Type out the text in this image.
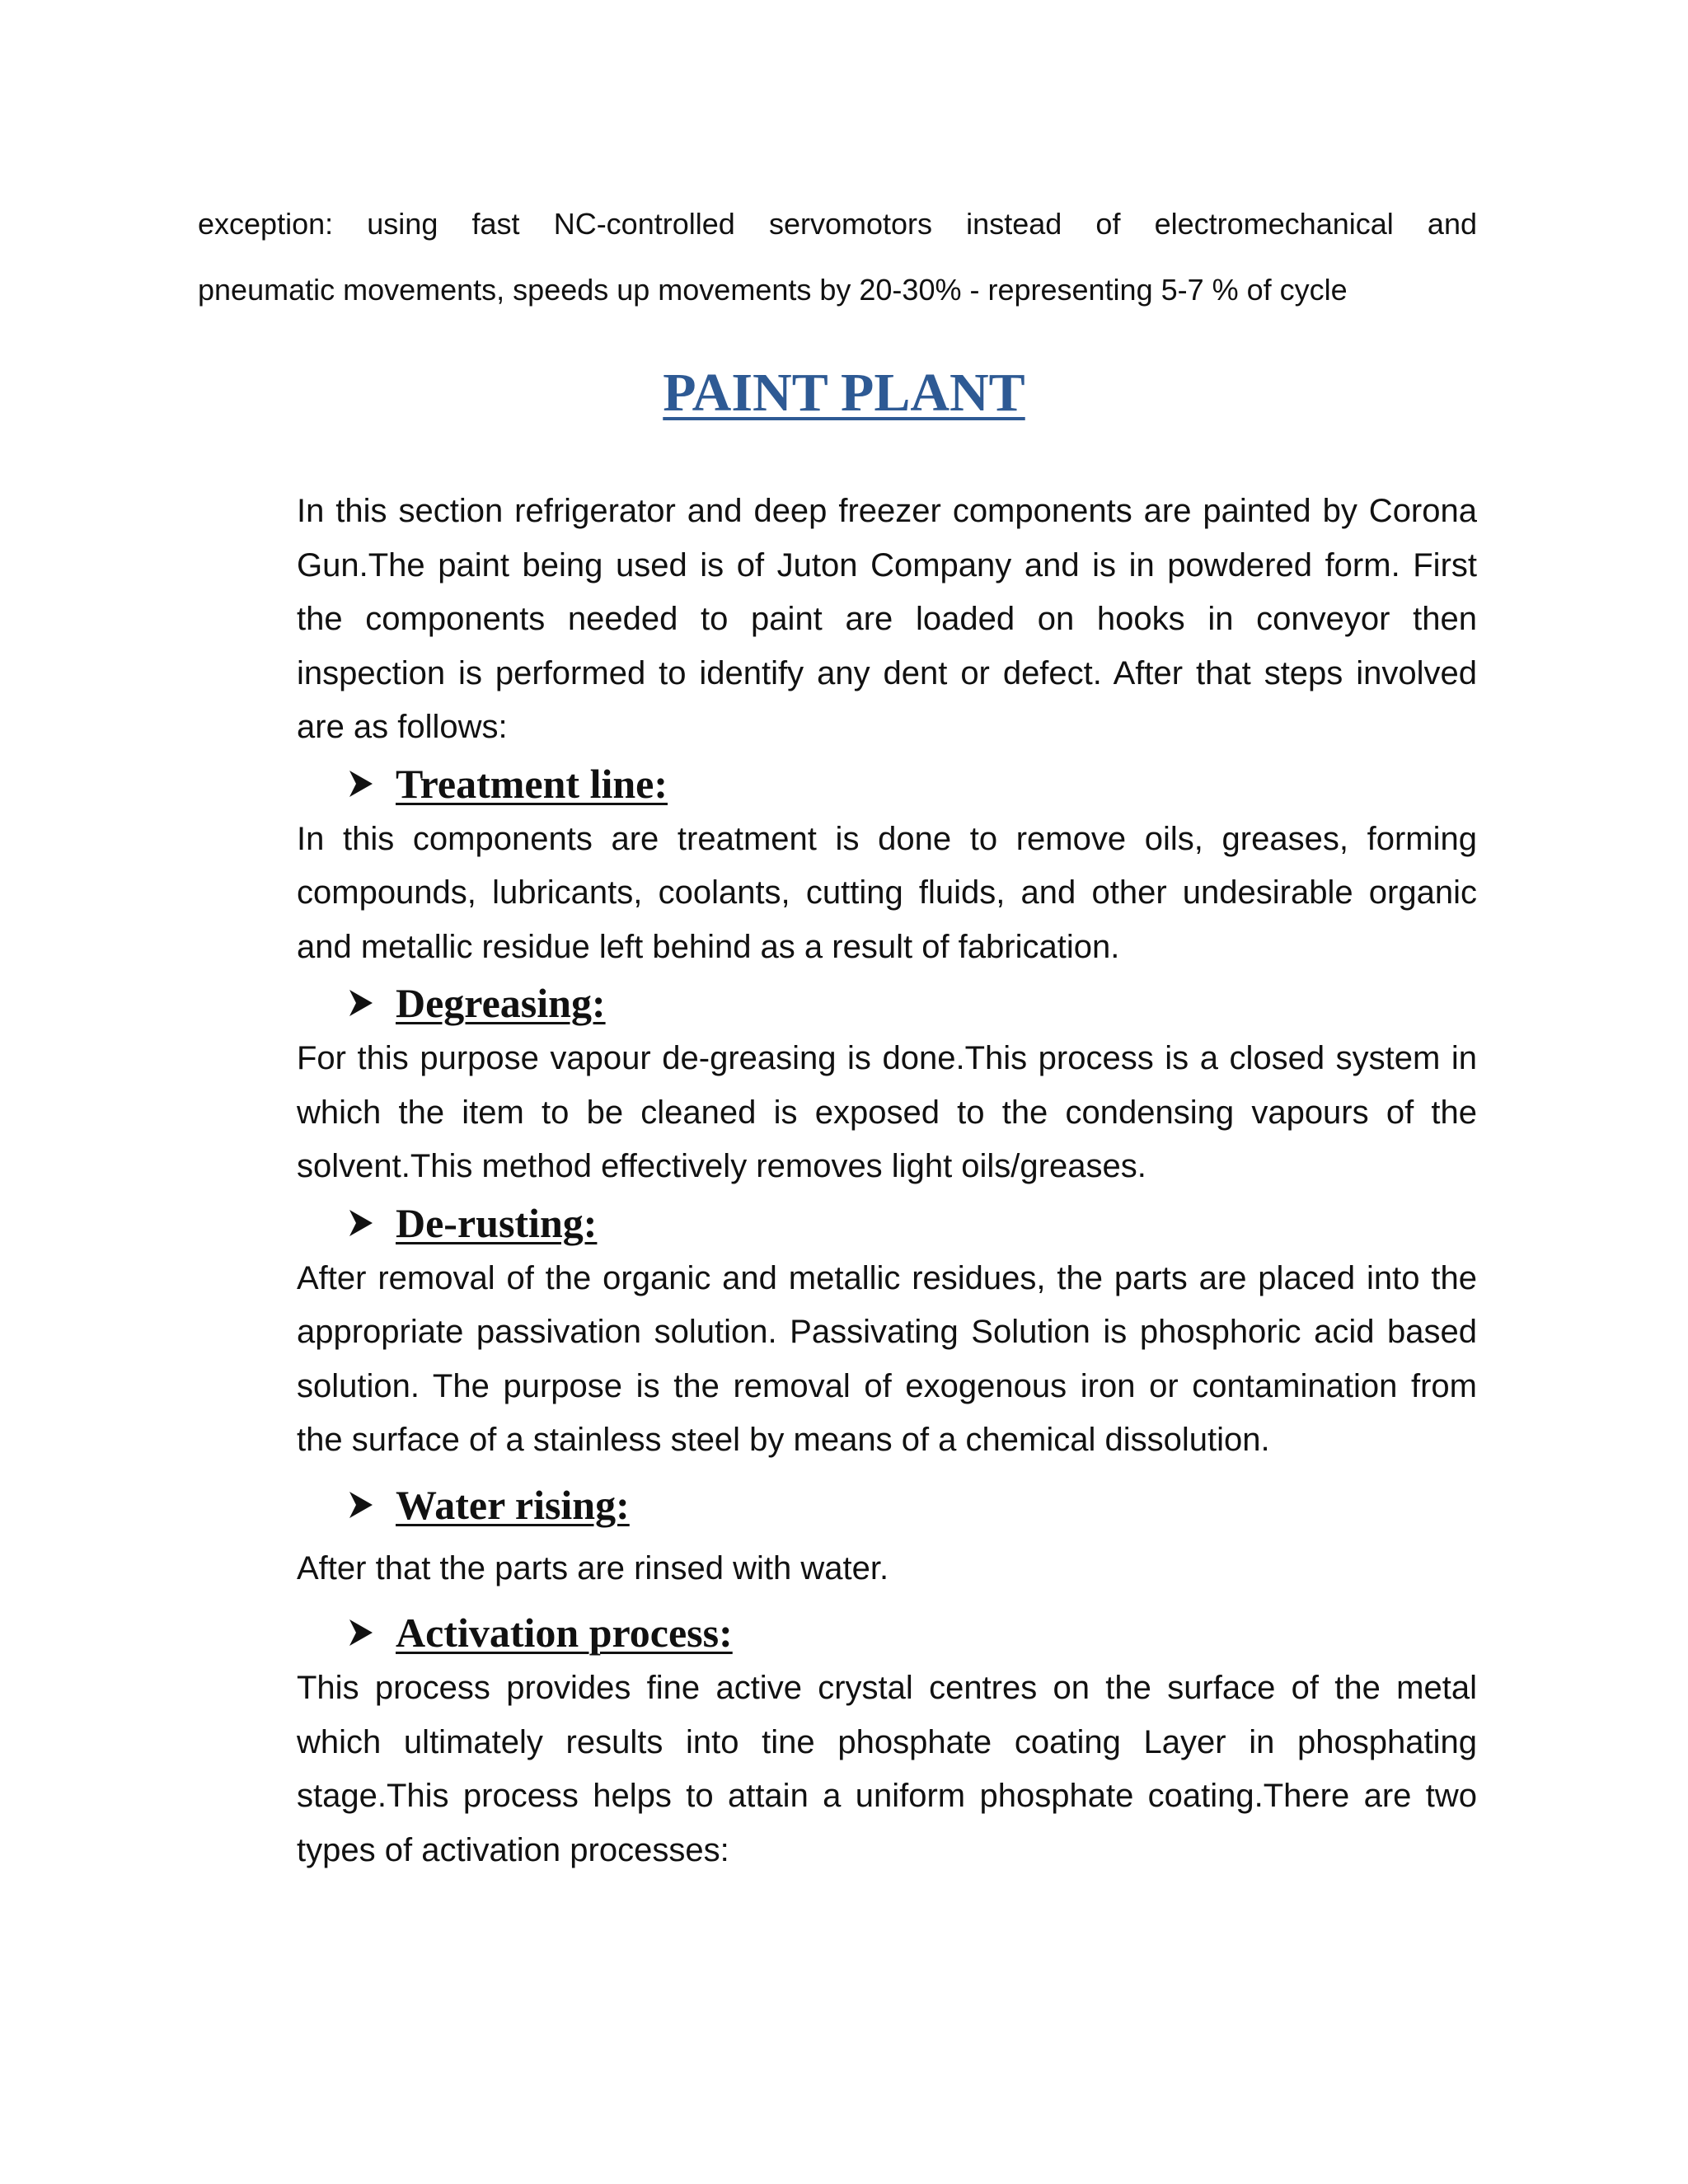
exception: using fast NC-controlled servomotors instead of electromechanical and
pneumatic movements, speeds up movements by 20-30% - representing 5-7 % of cycle

PAINT PLANT

In this section refrigerator and deep freezer components are painted by Corona Gun.The paint being used is of Juton Company and is in powdered form. First the components needed to paint are loaded on hooks in conveyor then inspection is performed to identify any dent or defect. After that steps involved are as follows:

Treatment line:

In this components are treatment is done to remove oils, greases, forming compounds, lubricants, coolants, cutting fluids, and other undesirable organic and metallic residue left behind as a result of fabrication.

Degreasing:

For this purpose vapour de-greasing is done.This process is a closed system in which the item to be cleaned is exposed to the condensing vapours of the solvent.This method effectively removes light oils/greases.

De-rusting:

After removal of the organic and metallic residues, the parts are placed into the appropriate passivation solution. Passivating Solution is phosphoric acid based solution. The purpose is the removal of exogenous iron or contamination from the surface of a stainless steel by means of a chemical dissolution.

Water rising:

After that the parts are rinsed with water.

Activation process:

This process provides fine active crystal centres on the surface of the metal which ultimately results into tine phosphate coating Layer in phosphating stage.This process helps to attain a uniform phosphate coating.There are two types of activation processes:
